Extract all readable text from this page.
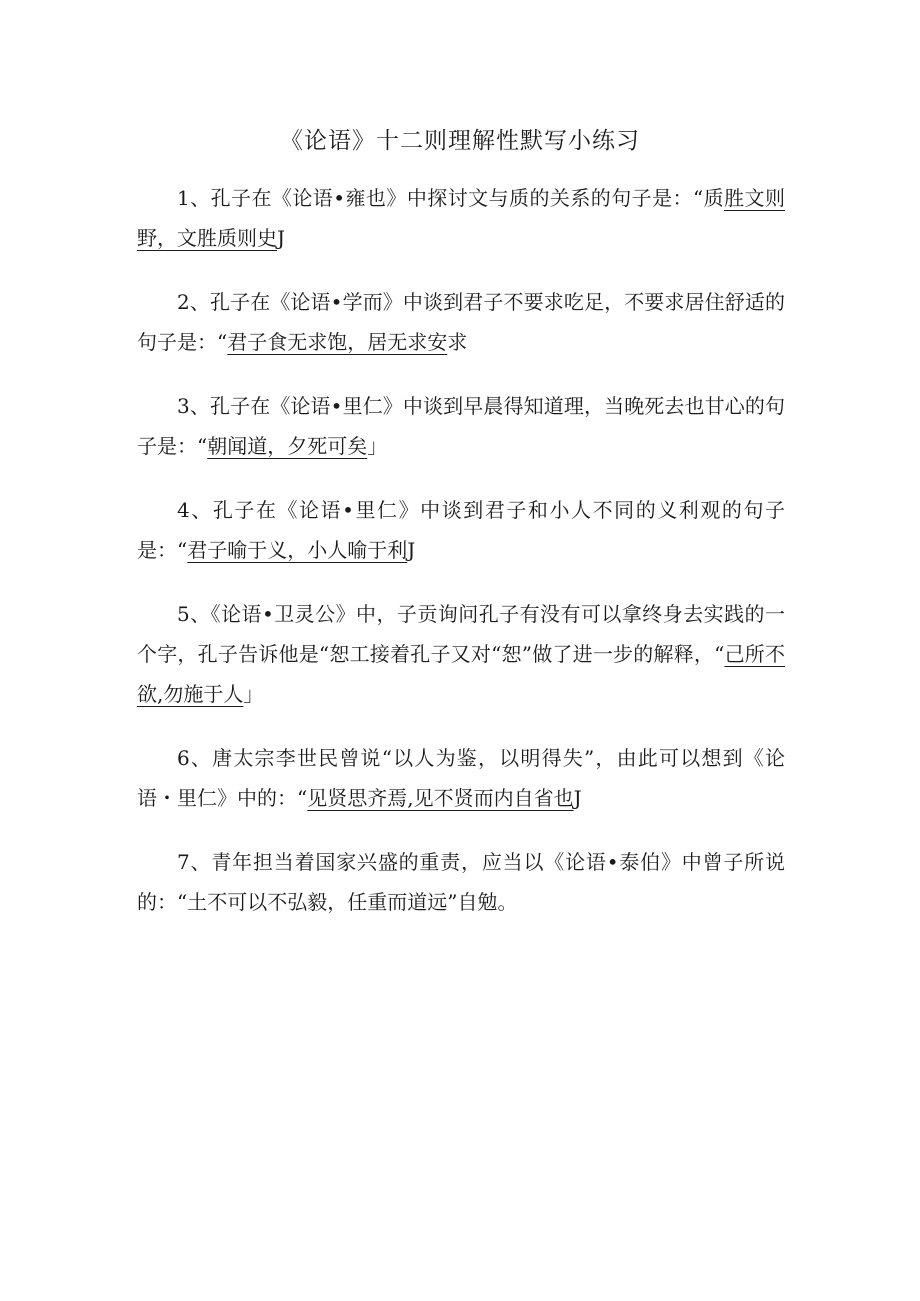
《论语》十二则理解性默写小练习

1、孔子在《论语•雍也》中探讨文与质的关系的句子是：“质胜文则野，文胜质则史J

2、孔子在《论语•学而》中谈到君子不要求吃足，不要求居住舒适的句子是：“君子食无求饱，居无求安求

3、孔子在《论语•里仁》中谈到早晨得知道理，当晚死去也甘心的句子是：“朝闻道，夕死可矣」

4、孔子在《论语•里仁》中谈到君子和小人不同的义利观的句子是：“君子喻于义，小人喻于利J

5、《论语•卫灵公》中，子贡询问孔子有没有可以拿终身去实践的一个字，孔子告诉他是“恕工接着孔子又对“恕”做了进一步的解释，“己所不欲,勿施于人」

6、唐太宗李世民曾说“以人为鉴，以明得失”，由此可以想到《论语・里仁》中的：“见贤思齐焉,见不贤而内自省也J

7、青年担当着国家兴盛的重责，应当以《论语•泰伯》中曾子所说的：“土不可以不弘毅，任重而道远”自勉。
